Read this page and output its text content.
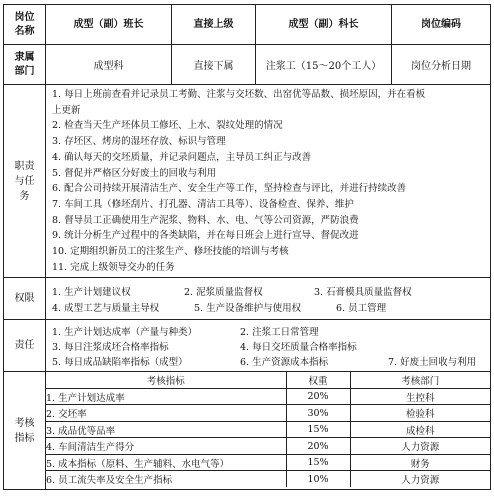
岗位名称	成型（副）班长	直接上级	成型（副）科长	岗位编码
隶属部门	成型科	直接下属	注浆工（15～20个工人）	岗位分析日期
职责与任务	
1. 每日上班前查看并记录员工考勤、注浆与交坯数、出窑优等品数、损坯原因，并在看板
上更新
2. 检查当天生产坯体员工修坯、上水、裂纹处理的情况
3. 存坯区、烤房的湿坯存放、标识与管理
4. 确认每天的交坯质量，并记录问题点，主导员工纠正与改善
5. 督促并严格区分好废土的回收与利用
6. 配合公司持续开展清洁生产、安全生产等工作，坚持检查与评比，并进行持续改善
7. 车间工具（修坯刮片、打孔器、清洁工具等）、设备检查、保养、维护
8. 督导员工正确使用生产泥浆、物料、水、电、气等公司资源，严防浪费
9. 统计分析生产过程中的各类缺陷，并在每日班会上进行宣导、督促改进
10. 定期组织新员工的注浆生产、修坯技能的培训与考核
11. 完成上级领导交办的任务

权限	
1. 生产计划建议权	2. 泥浆质量监督权	3. 石膏模具质量监督权
4. 成型工艺与质量主导权	5. 生产设备维护与使用权	6. 员工管理

责任	
1. 生产计划达成率（产量与种类）	2. 注浆工日常管理
3. 每日注浆成坯合格率指标	4. 每日交坯质量合格率指标
5. 每日成品缺陷率指标（成型）	6. 生产资源成本指标	7. 好废土回收与利用

考核指标	
考核指标	权重	考核部门
1. 生产计划达成率	20%	生控科
2. 交坯率	30%	检验科
3. 成品优等品率	15%	成检科
4. 车间清洁生产得分	20%	人力资源
5. 成本指标（原料、生产辅料、水电气等）	15%	财务
6. 员工流失率及安全生产指标	10%	人力资源
